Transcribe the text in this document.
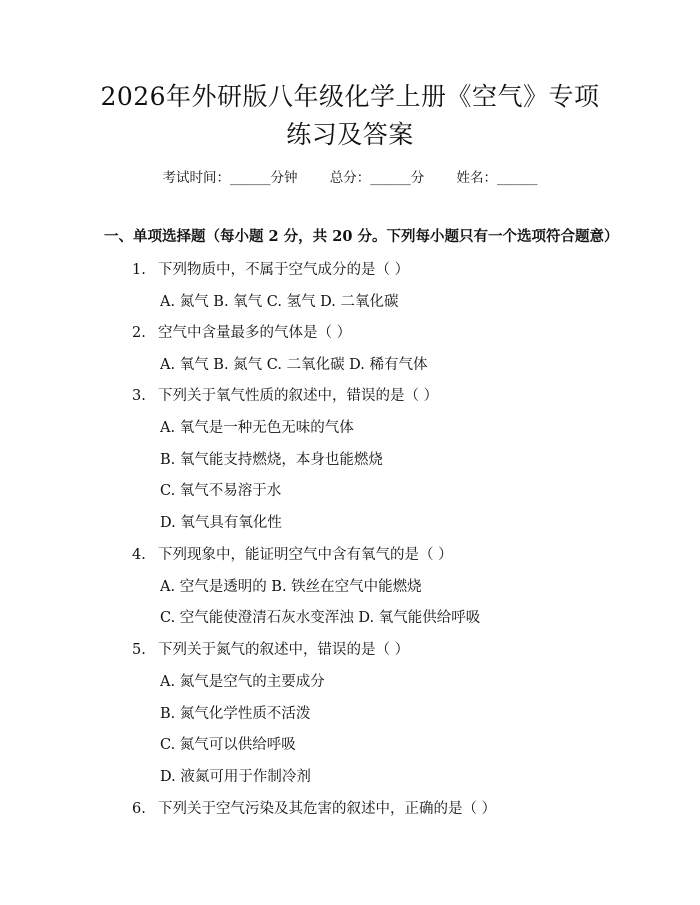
2026年外研版八年级化学上册《空气》专项
练习及答案
考试时间：______分钟 总分：______分 姓名：______
一、单项选择题（每小题 2 分，共 20 分。下列每小题只有一个选项符合题意）
1. 下列物质中，不属于空气成分的是（ ）
A. 氮气 B. 氧气 C. 氢气 D. 二氧化碳
2. 空气中含量最多的气体是（ ）
A. 氧气 B. 氮气 C. 二氧化碳 D. 稀有气体
3. 下列关于氧气性质的叙述中，错误的是（ ）
A. 氧气是一种无色无味的气体
B. 氧气能支持燃烧，本身也能燃烧
C. 氧气不易溶于水
D. 氧气具有氧化性
4. 下列现象中，能证明空气中含有氧气的是（ ）
A. 空气是透明的 B. 铁丝在空气中能燃烧
C. 空气能使澄清石灰水变浑浊 D. 氧气能供给呼吸
5. 下列关于氮气的叙述中，错误的是（ ）
A. 氮气是空气的主要成分
B. 氮气化学性质不活泼
C. 氮气可以供给呼吸
D. 液氮可用于作制冷剂
6. 下列关于空气污染及其危害的叙述中，正确的是（ ）
